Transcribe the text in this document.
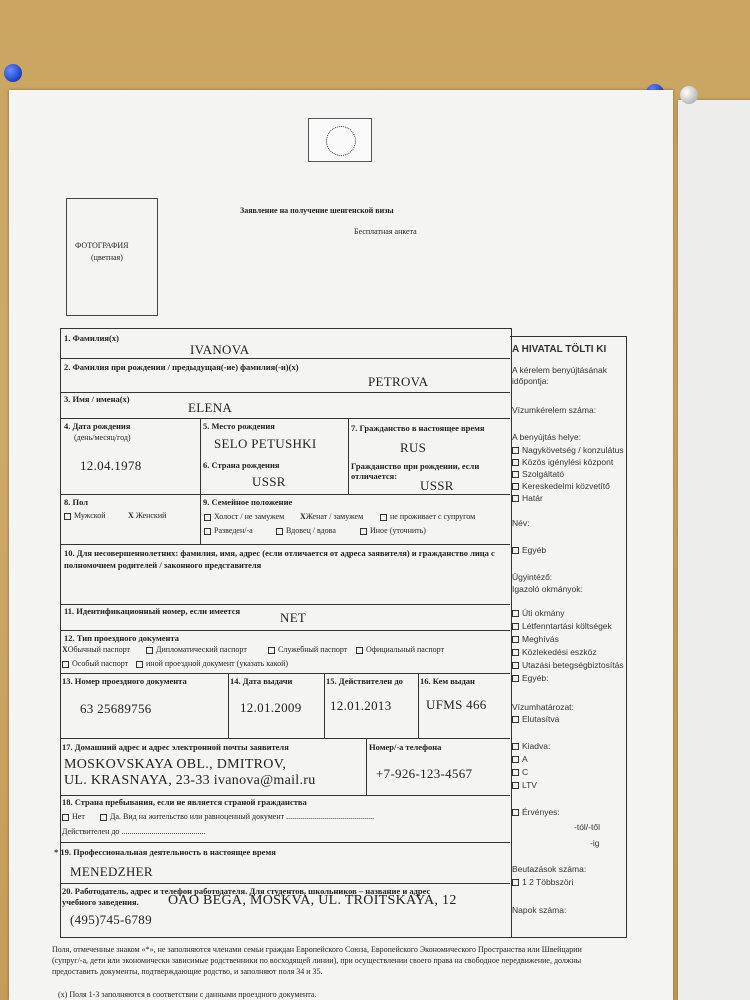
Заявление на получение шенгенской визы
Бесплатная анкета
ФОТОГРАФИЯ
(цветная)
1. Фамилия(x)
IVANOVA
2. Фамилия при рождении / предыдущая(-ие) фамилия(-и)(x)
PETROVA
3. Имя / имена(x)
ELENA
4. Дата рождения
(день/месяц/год)
12.04.1978
5. Место рождения
SELO PETUSHKI
6. Страна рождения
USSR
7. Гражданство в настоящее время
RUS
Гражданство при рождении, если отличается:
USSR
8. Пол
Мужской	X Женский
9. Семейное положение
Холост / не замужем XЖенат / замужем	не проживает с супругом
Разведен/-а	Вдовец / вдова	Иное (уточнить)
10. Для несовершеннолетних: фамилия, имя, адрес (если отличается от адреса заявителя) и гражданство лица с полномочием родителей / законного представителя
11. Идентификационный номер, если имеется	NET
12. Тип проездного документа
XОбычный паспорт	Дипломатический паспорт	Служебный паспорт	Официальный паспорт
Особый паспорт	иной проездной документ (указать какой)
13. Номер проездного документа
63 25689756
14. Дата выдачи
12.01.2009
15. Действителен до
12.01.2013
16. Кем выдан
UFMS 466
17. Домашний адрес и адрес электронной почты заявителя
MOSKOVSKAYA OBL., DMITROV,
UL. KRASNAYA, 23-33 ivanova@mail.ru
Номер/-а телефона
+7-926-123-4567
18. Страна пребывания, если не является страной гражданства
Нет	Да. Вид на жительство или равноценный документ ............................................
Действителен до ..........................................
* 19. Профессиональная деятельность в настоящее время
MENEDZHER
20. Работодатель, адрес и телефон работодателя. Для студентов, школьников – название и адрес учебного заведения.	OAO BEGA, MOSKVA, UL. TROITSKAYA, 12
(495)745-6789
A HIVATAL TÖLTI KI
A kérelem benyújtásának időpontja:
Vízumkérelem száma:
A benyújtás helye:
Nagykövetség / konzulátus
Közös igénylési központ
Szolgáltató
Kereskedelmi közvetítő
Határ
Név:
Egyéb
Ügyintéző:
Igazoló okmányok:
Úti okmány
Létfenntartási költségek
Meghívás
Közlekedési eszköz
Utazási betegségbiztosítás
Egyéb:
Vízumhatározat:
Elutasítva
Kiadva:
A
C
LTV
Érvényes:
-tól/-től
-ig
Beutazások száma:
1 2 Többszöri
Napok száma:
Поля, отмеченные знаком «*», не заполняются членами семьи граждан Европейского Союза, Европейского Экономического Пространства или Швейцарии (супруг/-а, дети или экономически зависимые родственники по восходящей линии), при осуществлении своего права на свободное передвижение, должны предоставить документы, подтверждающие родство, и заполняют поля 34 и 35.
(x) Поля 1-3 заполняются в соответствии с данными проездного документа.
